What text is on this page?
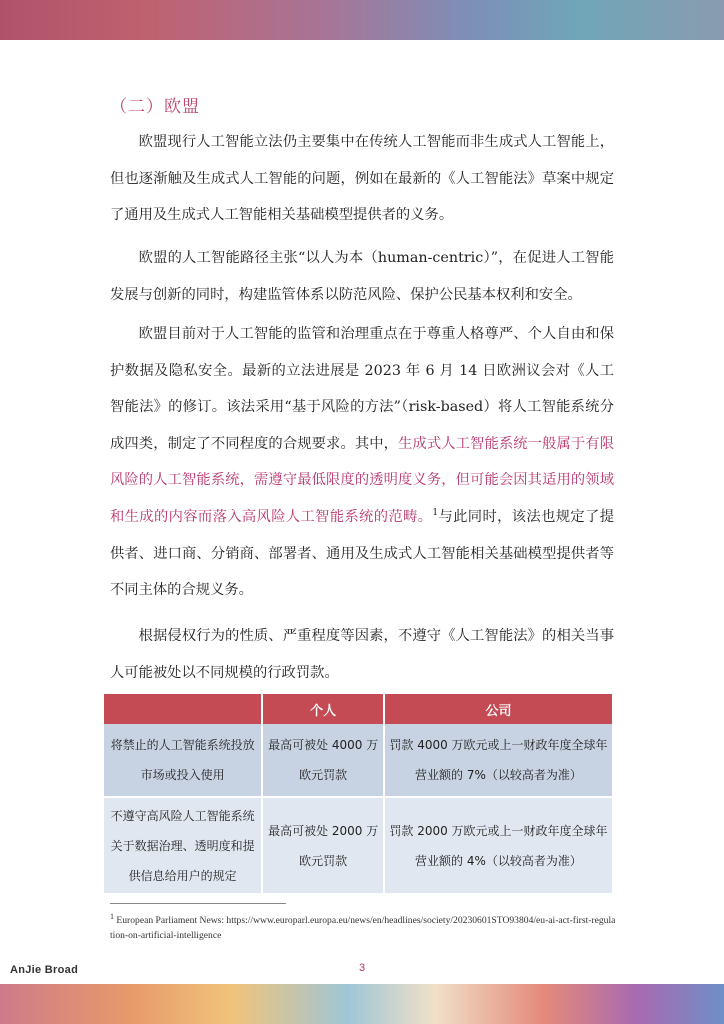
（二）欧盟

欧盟现行人工智能立法仍主要集中在传统人工智能而非生成式人工智能上，但也逐渐触及生成式人工智能的问题，例如在最新的《人工智能法》草案中规定了通用及生成式人工智能相关基础模型提供者的义务。

欧盟的人工智能路径主张“以人为本（human-centric）”，在促进人工智能发展与创新的同时，构建监管体系以防范风险、保护公民基本权利和安全。

欧盟目前对于人工智能的监管和治理重点在于尊重人格尊严、个人自由和保护数据及隐私安全。最新的立法进展是 2023 年 6 月 14 日欧洲议会对《人工智能法》的修订。该法采用“基于风险的方法”（risk-based）将人工智能系统分成四类，制定了不同程度的合规要求。其中，生成式人工智能系统一般属于有限风险的人工智能系统，需遵守最低限度的透明度义务，但可能会因其适用的领域和生成的内容而落入高风险人工智能系统的范畴。$^1$与此同时，该法也规定了提供者、进口商、分销商、部署者、通用及生成式人工智能相关基础模型提供者等不同主体的合规义务。

根据侵权行为的性质、严重程度等因素，不遵守《人工智能法》的相关当事人可能被处以不同规模的行政罚款。

	个人	公司
将禁止的人工智能系统投放市场或投入使用	最高可被处 4000 万欧元罚款	罚款 4000 万欧元或上一财政年度全球年营业额的 7%（以较高者为准）
不遵守高风险人工智能系统关于数据治理、透明度和提供信息给用户的规定	最高可被处 2000 万欧元罚款	罚款 2000 万欧元或上一财政年度全球年营业额的 4%（以较高者为准）
$^1$ European Parliament News: https://www.europarl.europa.eu/news/en/headlines/society/20230601STO93804/eu-ai-act-first-regulation-on-artificial-intelligence
AnJie Broad	3
